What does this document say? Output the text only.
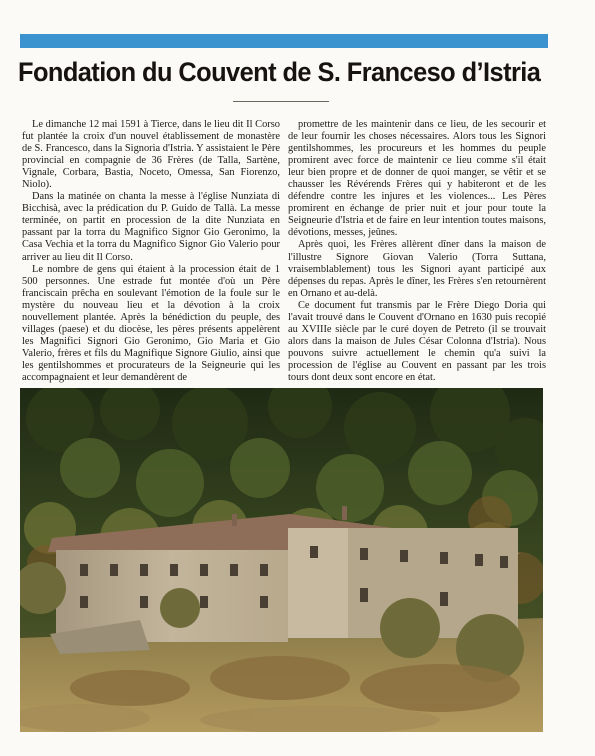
Fondation du Couvent de S. Franceso d’Istria

Le dimanche 12 mai 1591 à Tierce, dans le lieu dit Il Corso fut plantée la croix d'un nouvel établissement de monastère de S. Francesco, dans la Signoria d'Istria. Y assistaient le Père provincial en compagnie de 36 Frères (de Talla, Sartène, Vignale, Corbara, Bastia, Noceto, Omessa, San Fiorenzo, Niolo).

Dans la matinée on chanta la messe à l'église Nunziata di Bicchisà, avec la prédication du P. Guido de Tallà. La messe terminée, on partit en procession de la dite Nunziata en passant par la torra du Magnifico Signor Gio Geronimo, la Casa Vechia et la torra du Magnifico Signor Gio Valerio pour arriver au lieu dit Il Corso.

Le nombre de gens qui étaient à la procession était de 1 500 personnes. Une estrade fut montée d'où un Père franciscain prêcha en soulevant l'émotion de la foule sur le mystère du nouveau lieu et la dévotion à la croix nouvellement plantée. Après la bénédiction du peuple, des villages (paese) et du diocèse, les pères présents appelèrent les Magnifici Signori Gio Geronimo, Gio Maria et Gio Valerio, frères et fils du Magnifique Signore Giulio, ainsi que les gentilshommes et procurateurs de la Seigneurie qui les accompagnaient et leur demandèrent de

promettre de les maintenir dans ce lieu, de les secourir et de leur fournir les choses nécessaires. Alors tous les Signori gentilshommes, les procureurs et les hommes du peuple promirent avec force de maintenir ce lieu comme s'il était leur bien propre et de donner de quoi manger, se vêtir et se chausser les Révérends Frères qui y habiteront et de les défendre contre les injures et les violences... Les Pères promirent en échange de prier nuit et jour pour toute la Seigneurie d'Istria et de faire en leur intention toutes maisons, dévotions, messes, jeûnes.

Après quoi, les Frères allèrent dîner dans la maison de l'illustre Signore Giovan Valerio (Torra Suttana, vraisemblablement) tous les Signori ayant participé aux dépenses du repas. Après le dîner, les Frères s'en retournèrent en Ornano et au-delà.

Ce document fut transmis par le Frère Diego Doria qui l'avait trouvé dans le Couvent d'Ornano en 1630 puis recopié au XVIIIe siècle par le curé doyen de Petreto (il se trouvait alors dans la maison de Jules César Colonna d'Istria). Nous pouvons suivre actuellement le chemin qu'a suivi la procession de l'église au Couvent en passant par les trois tours dont deux sont encore en état.
